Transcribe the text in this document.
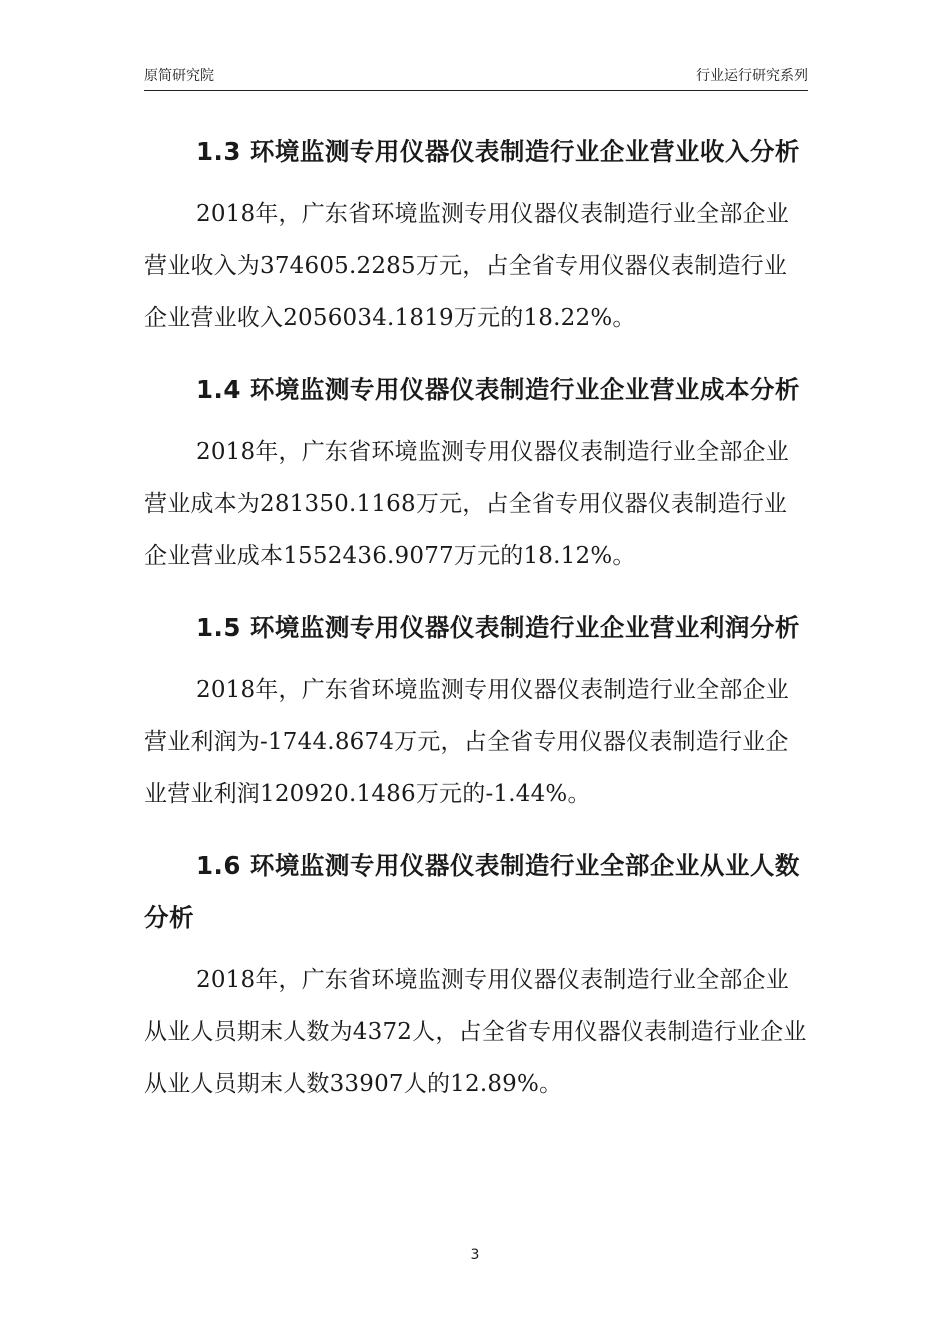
原简研究院	行业运行研究系列
1.3 环境监测专用仪器仪表制造行业企业营业收入分析

2018年，广东省环境监测专用仪器仪表制造行业全部企业营业收入为374605.2285万元，占全省专用仪器仪表制造行业企业营业收入2056034.1819万元的18.22%。

1.4 环境监测专用仪器仪表制造行业企业营业成本分析

2018年，广东省环境监测专用仪器仪表制造行业全部企业营业成本为281350.1168万元，占全省专用仪器仪表制造行业企业营业成本1552436.9077万元的18.12%。

1.5 环境监测专用仪器仪表制造行业企业营业利润分析

2018年，广东省环境监测专用仪器仪表制造行业全部企业营业利润为-1744.8674万元，占全省专用仪器仪表制造行业企业营业利润120920.1486万元的-1.44%。

1.6 环境监测专用仪器仪表制造行业全部企业从业人数分析

2018年，广东省环境监测专用仪器仪表制造行业全部企业从业人员期末人数为4372人，占全省专用仪器仪表制造行业企业从业人员期末人数33907人的12.89%。

3
